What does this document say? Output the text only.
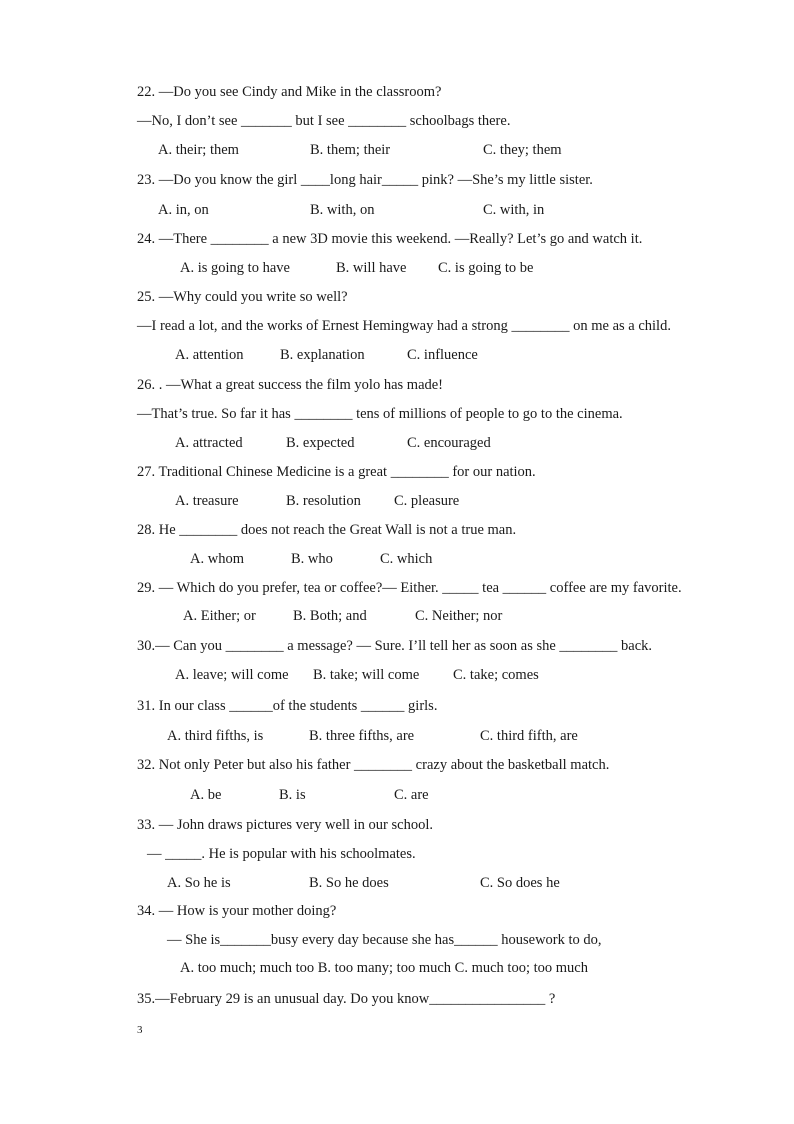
22. —Do you see Cindy and Mike in the classroom?
—No, I don’t see _______ but I see ________ schoolbags there.
A. their; them	B. them; their	C. they; them
23. —Do you know the girl ____long hair_____ pink? —She’s my little sister.
A. in, on	B. with, on	C. with, in
24. —There ________ a new 3D movie this weekend. —Really? Let’s go and watch it.
A. is going to have	B. will have C. is going to be
25. —Why could you write so well?
—I read a lot, and the works of Ernest Hemingway had a strong ________ on me as a child.
A. attention	B. explanation	C. influence
26. . —What a great success the film yolo has made!
—That’s true. So far it has ________ tens of millions of people to go to the cinema.
A. attracted	B. expected	C. encouraged
27. Traditional Chinese Medicine is a great ________ for our nation.
A. treasure	B. resolution C. pleasure
28. He ________ does not reach the Great Wall is not a true man.
A. whom	B. who	C. which
29. — Which do you prefer, tea or coffee?— Either. _____ tea ______ coffee are my favorite.
A. Either; or	B. Both; and	C. Neither; nor
30.— Can you ________ a message? — Sure. I’ll tell her as soon as she ________ back.
A. leave; will come B. take; will come C. take; comes
31. In our class ______of the students ______ girls.
A. third fifths, is	B. three fifths, are	C. third fifth, are
32. Not only Peter but also his father ________ crazy about the basketball match.
A. be	B. is	C. are
33. — John draws pictures very well in our school.
— _____. He is popular with his schoolmates.
A. So he is	B. So he does	C. So does he
34. — How is your mother doing?
— She is_______busy every day because she has______ housework to do,
A. too much; much too B. too many; too much C. much too; too much
35.—February 29 is an unusual day. Do you know________________ ?
3
